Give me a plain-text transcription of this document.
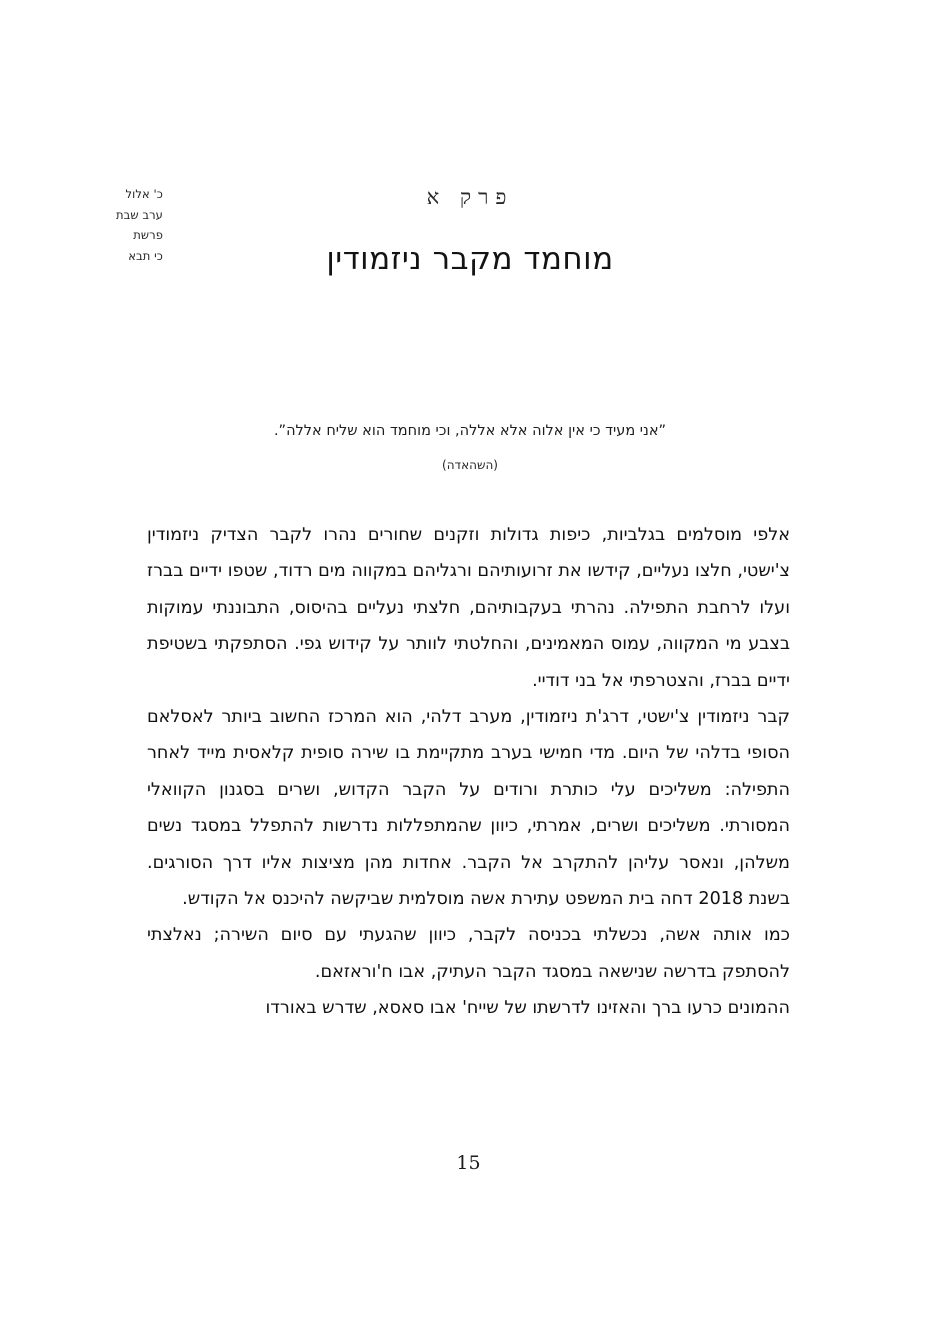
כ' אלול
ערב שבת
פרשת
כי תבא
פרק א
מוחמד מקבר ניזמודין
”אני מעיד כי אין אלוה אלא אללה, וכי מוחמד הוא שליח אללה”.
(השהאדה)

אלפי מוסלמים בגלביות, כיפות גדולות וזקנים שחורים נהרו לקבר הצדיק ניזמודין צ'ישטי, חלצו נעליים, קידשו את זרועותיהם ורגליהם במקווה מים רדוד, שטפו ידיים בברז ועלו לרחבת התפילה. נהרתי בעקבותיהם, חלצתי נעליים בהיסוס, התבוננתי עמוקות בצבע מי המקווה, עמוס המאמינים, והחלטתי לוותר על קידוש גפי. הסתפקתי בשטיפת ידיים בברז, והצטרפתי אל בני דודיי.

קבר ניזמודין צ'ישטי, דרג'ת ניזמודין, מערב דלהי, הוא המרכז החשוב ביותר לאסלאם הסופי בדלהי של היום. מדי חמישי בערב מתקיימת בו שירה סופית קלאסית מייד לאחר התפילה: משליכים עלי כותרת ורודים על הקבר הקדוש, ושרים בסגנון הקוואלי המסורתי. משליכים ושרים, אמרתי, כיוון שהמתפללות נדרשות להתפלל במסגד נשים משלהן, ונאסר עליהן להתקרב אל הקבר. אחדות מהן מציצות אליו דרך הסורגים. בשנת 2018 דחה בית המשפט עתירת אשה מוסלמית שביקשה להיכנס אל הקודש.

כמו אותה אשה, נכשלתי בכניסה לקבר, כיוון שהגעתי עם סיום השירה; נאלצתי להסתפק בדרשה שנישאה במסגד הקבר העתיק, אבו ח'וראזאם.

ההמונים כרעו ברך והאזינו לדרשתו של שייח' אבו סאסא, שדרש באורדו

15
